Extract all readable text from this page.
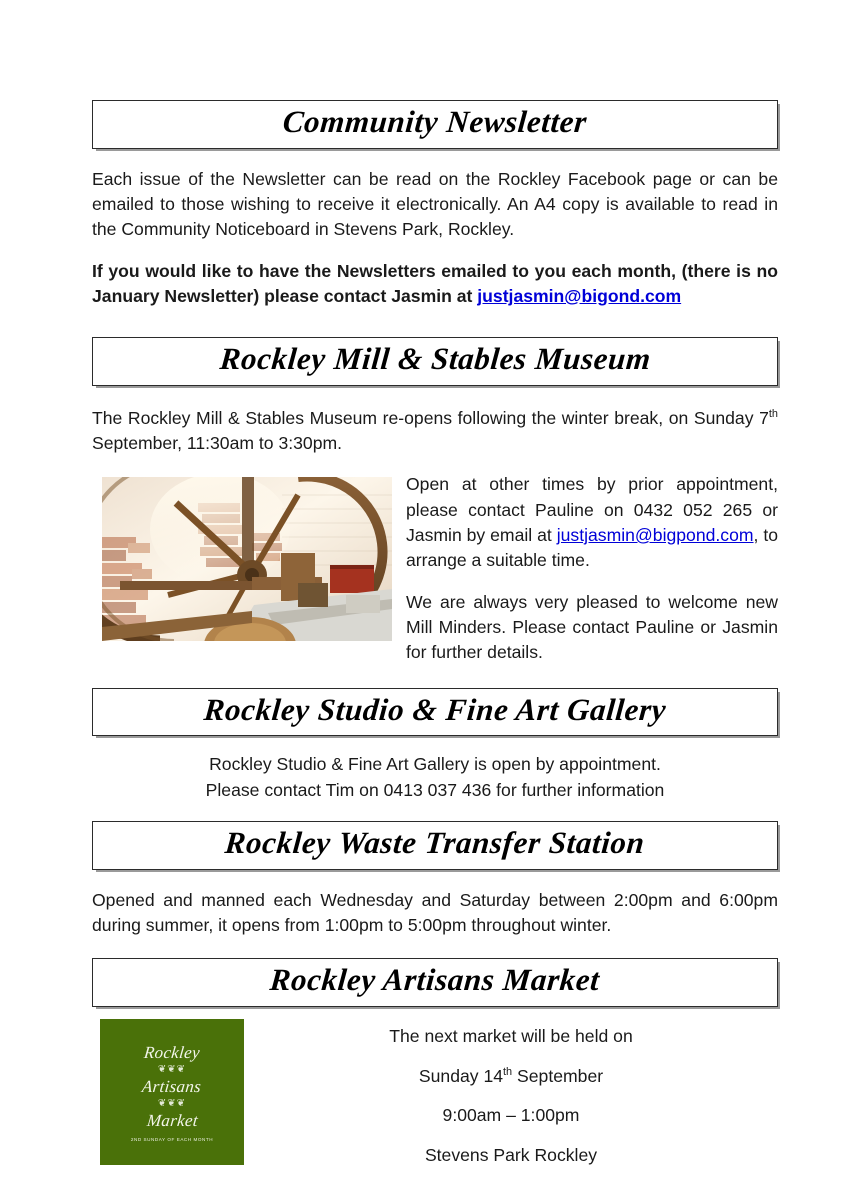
Community Newsletter

Each issue of the Newsletter can be read on the Rockley Facebook page or can be emailed to those wishing to receive it electronically. An A4 copy is available to read in the Community Noticeboard in Stevens Park, Rockley.

If you would like to have the Newsletters emailed to you each month, (there is no January Newsletter) please contact Jasmin at justjasmin@bigond.com

Rockley Mill & Stables Museum

The Rockley Mill & Stables Museum re-opens following the winter break, on Sunday 7th September, 11:30am to 3:30pm.

Open at other times by prior appointment, please contact Pauline on 0432 052 265 or Jasmin by email at justjasmin@bigpond.com, to arrange a suitable time.

We are always very pleased to welcome new Mill Minders. Please contact Pauline or Jasmin for further details.

Rockley Studio & Fine Art Gallery

Rockley Studio & Fine Art Gallery is open by appointment.

Please contact Tim on 0413 037 436 for further information

Rockley Waste Transfer Station

Opened and manned each Wednesday and Saturday between 2:00pm and 6:00pm during summer, it opens from 1:00pm to 5:00pm throughout winter.

Rockley Artisans Market
Rockley
❦❦❦
Artisans
❦❦❦
Market
2ND SUNDAY OF EACH MONTH

The next market will be held on

Sunday 14th September

9:00am – 1:00pm

Stevens Park Rockley
